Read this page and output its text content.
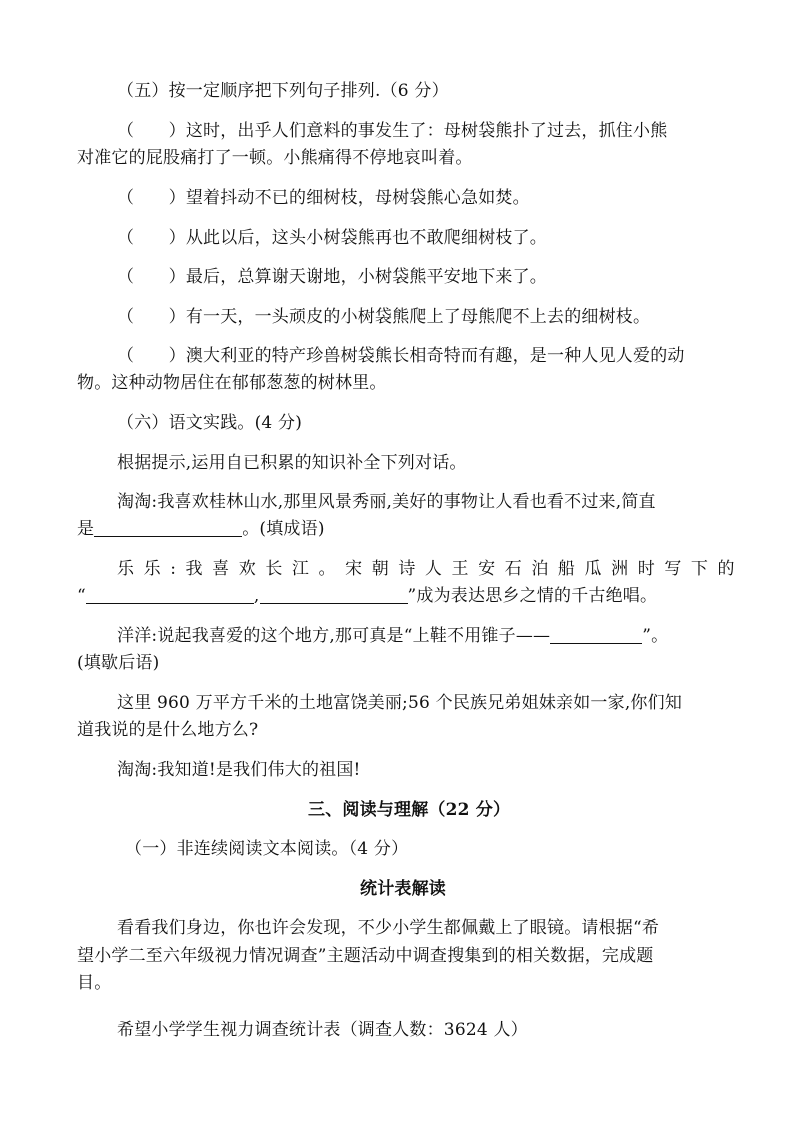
（五）按一定顺序把下列句子排列.（6 分）
（　　）这时，出乎人们意料的事发生了：母树袋熊扑了过去，抓住小熊
对准它的屁股痛打了一顿。小熊痛得不停地哀叫着。
（　　）望着抖动不已的细树枝，母树袋熊心急如焚。
（　　）从此以后，这头小树袋熊再也不敢爬细树枝了。
（　　）最后，总算谢天谢地，小树袋熊平安地下来了。
（　　）有一天，一头顽皮的小树袋熊爬上了母熊爬不上去的细树枝。
（　　）澳大利亚的特产珍兽树袋熊长相奇特而有趣，是一种人见人爱的动
物。这种动物居住在郁郁葱葱的树林里。
（六）语文实践。(4 分)
根据提示,运用自已积累的知识补全下列对话。
淘淘:我喜欢桂林山水,那里风景秀丽,美好的事物让人看也看不过来,简直
是	。(填成语)
乐乐:我喜欢长江。宋朝诗人王安石泊船瓜洲时写下的
“	,	”成为表达思乡之情的千古绝唱。
洋洋:说起我喜爱的这个地方,那可真是“上鞋不用锥子——	”。
(填歇后语)
这里 960 万平方千米的土地富饶美丽;56 个民族兄弟姐妹亲如一家,你们知
道我说的是什么地方么?
淘淘:我知道!是我们伟大的祖国!
三、阅读与理解（22 分）
（一）非连续阅读文本阅读。（4 分）
统计表解读
看看我们身边，你也许会发现，不少小学生都佩戴上了眼镜。请根据“希
望小学二至六年级视力情况调查”主题活动中调查搜集到的相关数据，完成题
目。
希望小学学生视力调查统计表（调查人数：3624 人）
